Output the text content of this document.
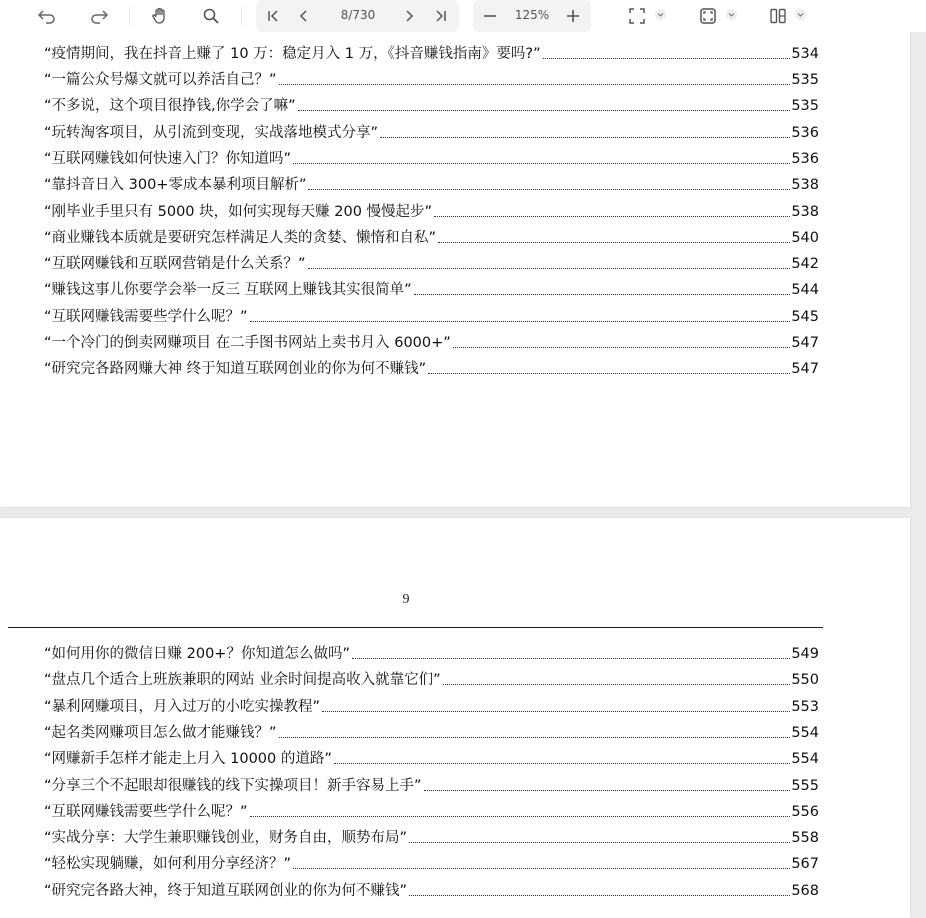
8/730	125%
“疫情期间，我在抖音上赚了 10 万：稳定月入 1 万，《抖音赚钱指南》要吗?”	534
“一篇公众号爆文就可以养活自己？”	535
“不多说，这个项目很挣钱,你学会了嘛”	535
“玩转淘客项目，从引流到变现，实战落地模式分享”	536
“互联网赚钱如何快速入门？你知道吗”	536
“靠抖音日入 300+零成本暴利项目解析”	538
“刚毕业手里只有 5000 块，如何实现每天赚 200 慢慢起步”	538
“商业赚钱本质就是要研究怎样满足人类的贪婪、懒惰和自私”	540
“互联网赚钱和互联网营销是什么关系？”	542
“赚钱这事儿你要学会举一反三 互联网上赚钱其实很简单”	544
“互联网赚钱需要些学什么呢？”	545
“一个冷门的倒卖网赚项目 在二手图书网站上卖书月入 6000+”	547
“研究完各路网赚大神 终于知道互联网创业的你为何不赚钱”	547
9
“如何用你的微信日赚 200+？你知道怎么做吗”	549
“盘点几个适合上班族兼职的网站 业余时间提高收入就靠它们”	550
“暴利网赚项目，月入过万的小吃实操教程”	553
“起名类网赚项目怎么做才能赚钱？”	554
“网赚新手怎样才能走上月入 10000 的道路”	554
“分享三个不起眼却很赚钱的线下实操项目！新手容易上手”	555
“互联网赚钱需要些学什么呢？”	556
“实战分享：大学生兼职赚钱创业，财务自由，顺势布局”	558
“轻松实现躺赚，如何利用分享经济？”	567
“研究完各路大神，终于知道互联网创业的你为何不赚钱”	568
